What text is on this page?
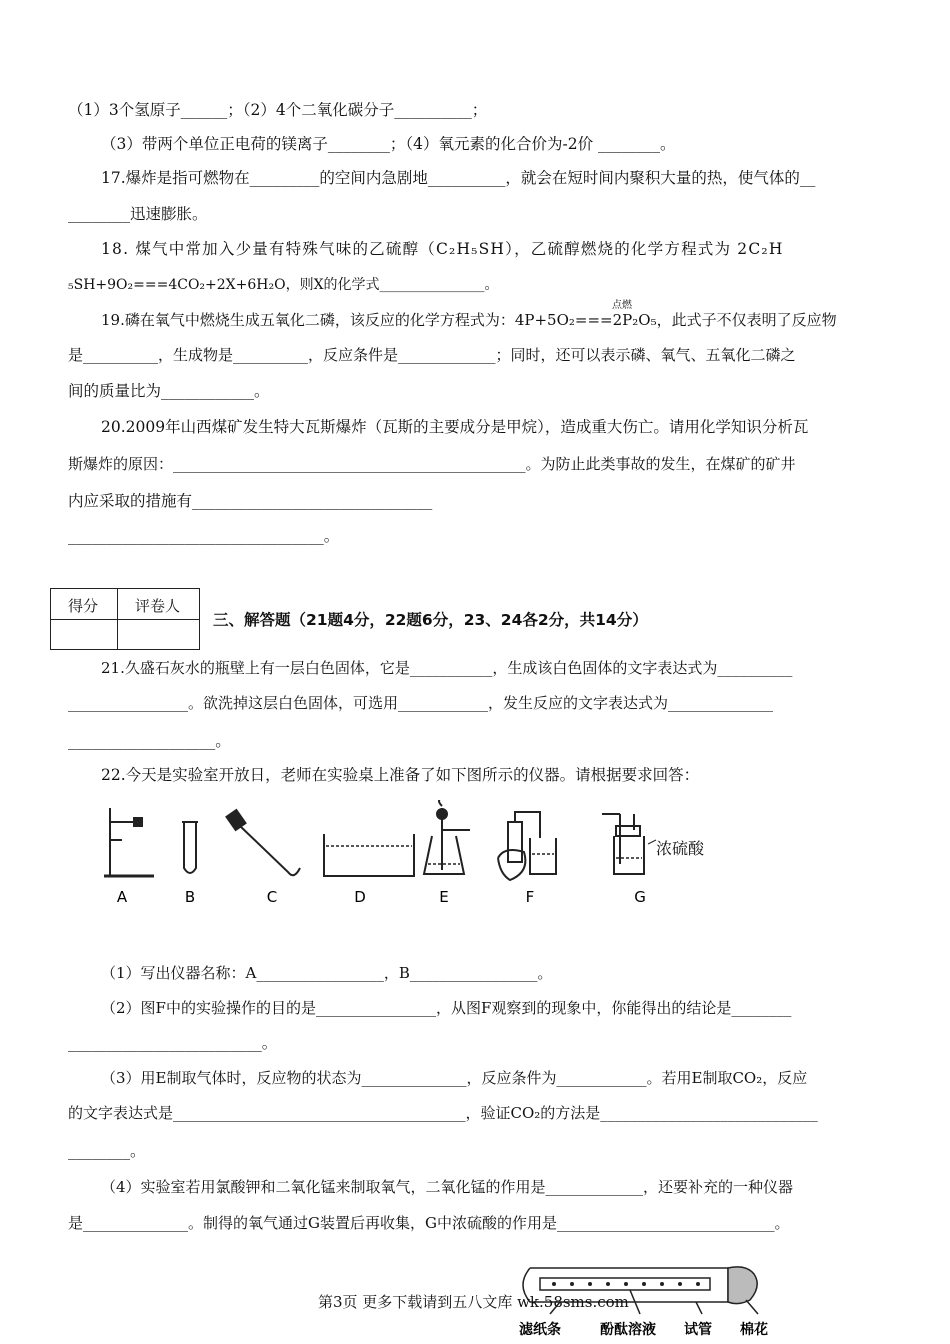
（1）3个氢原子______；（2）4个二氧化碳分子__________；
（3）带两个单位正电荷的镁离子________；（4）氧元素的化合价为-2价 ________。
17.爆炸是指可燃物在_________的空间内急剧地__________，就会在短时间内聚积大量的热，使气体的__
________迅速膨胀。
18. 煤气中常加入少量有特殊气味的乙硫醇（C₂H₅SH），乙硫醇燃烧的化学方程式为 2C₂H
₅SH+9O₂===4CO₂+2X+6H₂O，则X的化学式_______________。
19.磷在氧气中燃烧生成五氧化二磷，该反应的化学方程式为：4P+5O₂===2P₂O₅，此式子不仅表明了反应物
点燃
是__________，生成物是__________，反应条件是_____________；同时，还可以表示磷、氧气、五氧化二磷之
间的质量比为____________。
20.2009年山西煤矿发生特大瓦斯爆炸（瓦斯的主要成分是甲烷），造成重大伤亡。请用化学知识分析瓦
斯爆炸的原因：_______________________________________________。为防止此类事故的发生，在煤矿的矿井
内应采取的措施有_______________________________
_________________________________。
得分 评卷人
三、解答题（21题4分，22题6分，23、24各2分，共14分）
21.久盛石灰水的瓶壁上有一层白色固体，它是___________，生成该白色固体的文字表达式为__________
________________。欲洗掉这层白色固体，可选用____________，发生反应的文字表达式为______________
___________________。
22.今天是实验室开放日，老师在实验桌上准备了如下图所示的仪器。请根据要求回答：
A	B	C	D	E	F	G
浓硫酸
（1）写出仪器名称：A_________________，B_________________。
（2）图F中的实验操作的目的是________________，从图F观察到的现象中，你能得出的结论是________
_________________________。
（3）用E制取气体时，反应物的状态为______________，反应条件为____________。若用E制取CO₂，反应
的文字表达式是_______________________________________，验证CO₂的方法是_____________________________
________。
（4）实验室若用氯酸钾和二氧化锰来制取氧气，二氧化锰的作用是_____________，还要补充的一种仪器
是______________。制得的氧气通过G装置后再收集，G中浓硫酸的作用是_____________________________。
滤纸条	酚酞溶液 试管 棉花
第3页 更多下载请到五八文库 wk.58sms.com
